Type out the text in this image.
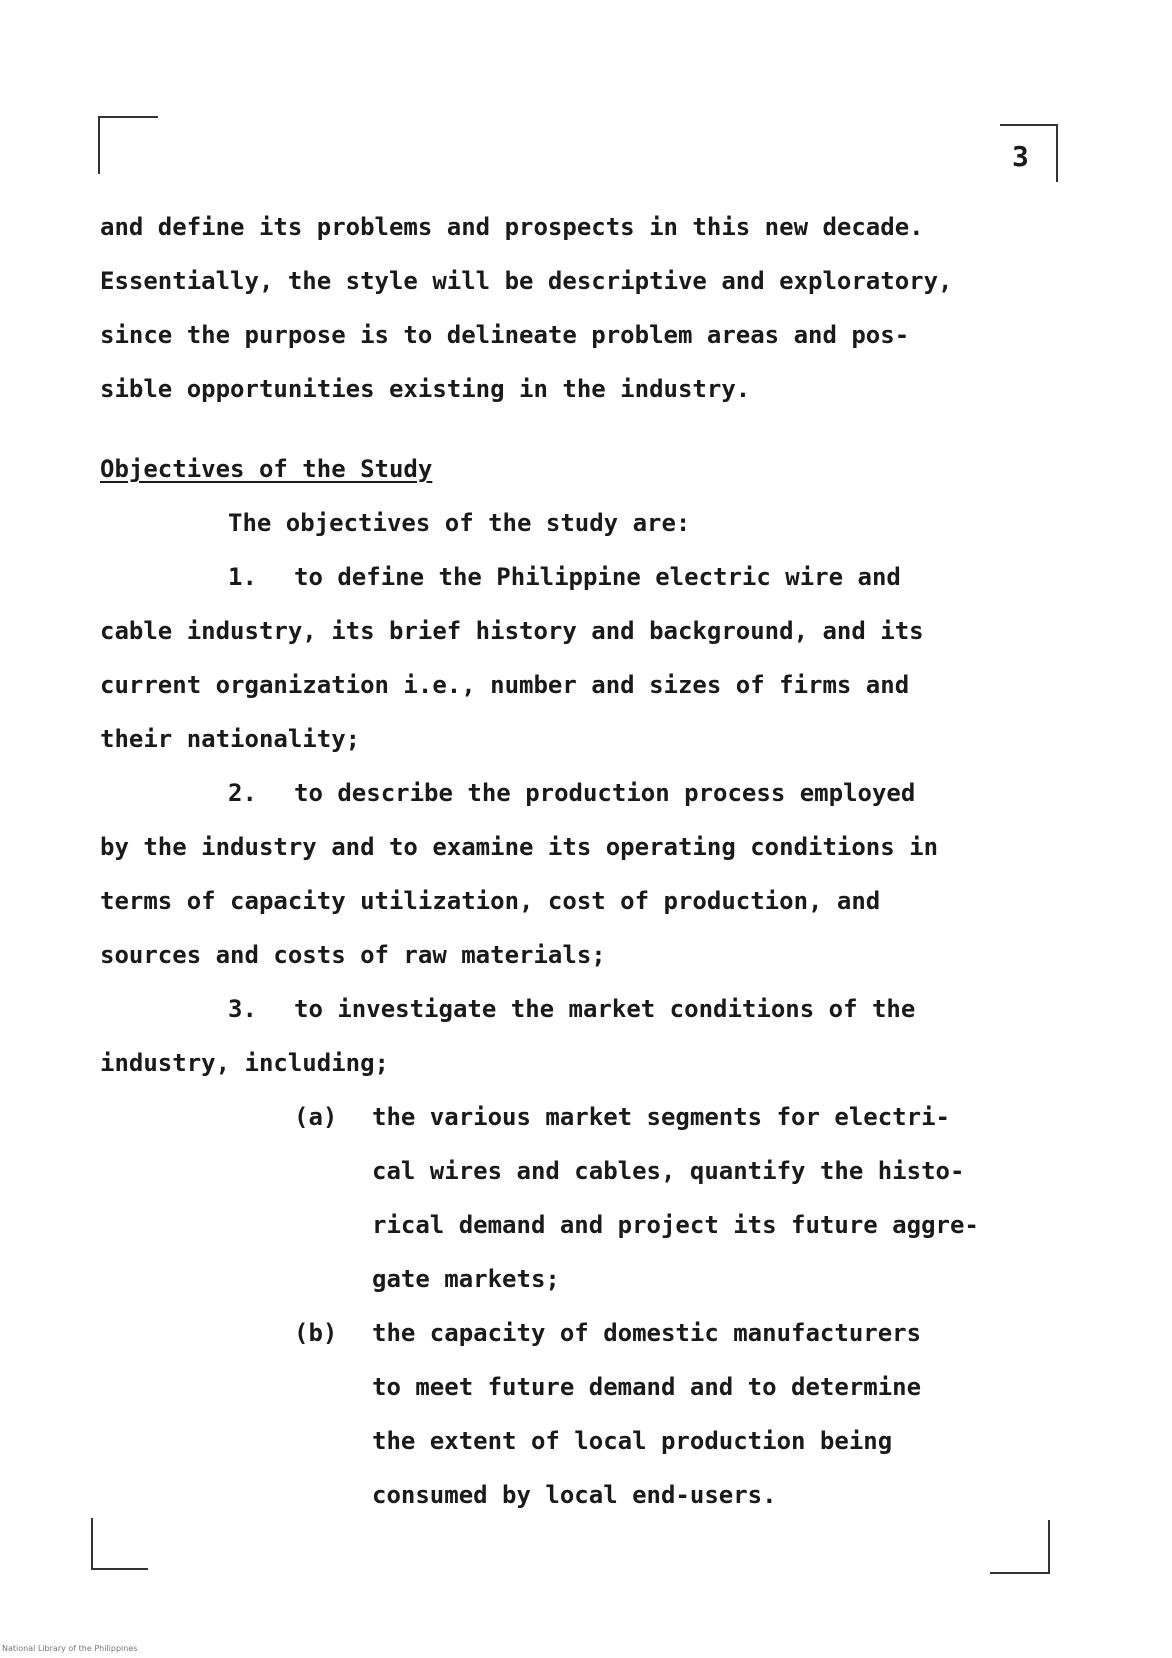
3
and define its problems and prospects in this new decade.
Essentially, the style will be descriptive and exploratory,
since the purpose is to delineate problem areas and pos-
sible opportunities existing in the industry.
Objectives of the Study
The objectives of the study are:
1. to define the Philippine electric wire and
cable industry, its brief history and background, and its
current organization i.e., number and sizes of firms and
their nationality;
2. to describe the production process employed
by the industry and to examine its operating conditions in
terms of capacity utilization, cost of production, and
sources and costs of raw materials;
3. to investigate the market conditions of the
industry, including;
(a) the various market segments for electri-
cal wires and cables, quantify the histo-
rical demand and project its future aggre-
gate markets;
(b) the capacity of domestic manufacturers
to meet future demand and to determine
the extent of local production being
consumed by local end-users.
National Library of the Philippines
